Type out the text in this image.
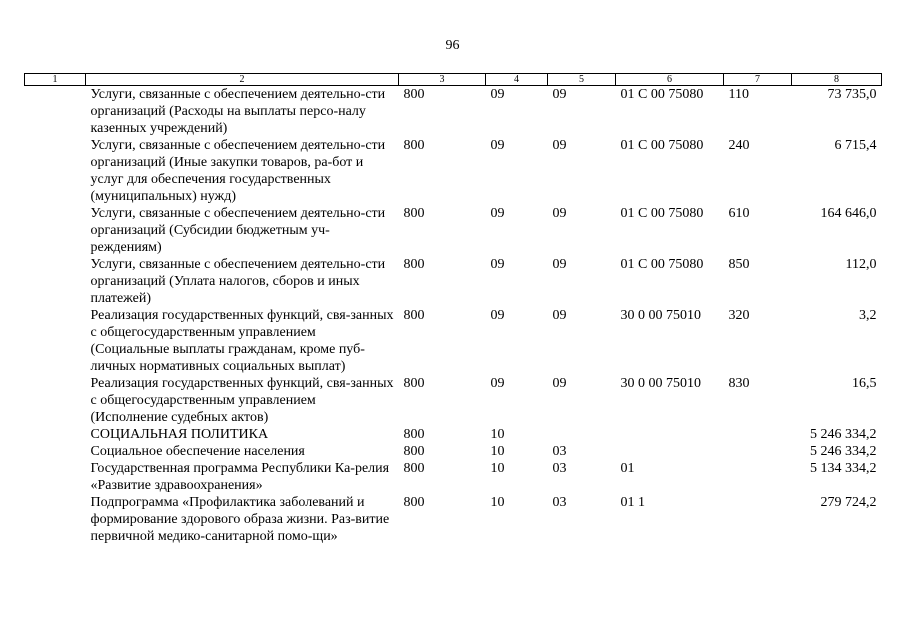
96
1	2	3	4	5	6	7	8
	Услуги, связанные с обеспечением деятельно-сти организаций (Расходы на выплаты персо-налу казенных учреждений)	800	09	09	01 С 00 75080	110	73 735,0
	Услуги, связанные с обеспечением деятельно-сти организаций (Иные закупки товаров, ра-бот и услуг для обеспечения государственных (муниципальных) нужд)	800	09	09	01 С 00 75080	240	6 715,4
	Услуги, связанные с обеспечением деятельно-сти организаций (Субсидии бюджетным уч-реждениям)	800	09	09	01 С 00 75080	610	164 646,0
	Услуги, связанные с обеспечением деятельно-сти организаций (Уплата налогов, сборов и иных платежей)	800	09	09	01 С 00 75080	850	112,0
	Реализация государственных функций, свя-занных с общегосударственным управлением (Социальные выплаты гражданам, кроме пуб-личных нормативных социальных выплат)	800	09	09	30 0 00 75010	320	3,2
	Реализация государственных функций, свя-занных с общегосударственным управлением (Исполнение судебных актов)	800	09	09	30 0 00 75010	830	16,5
	СОЦИАЛЬНАЯ ПОЛИТИКА	800	10				5 246 334,2
	Социальное обеспечение населения	800	10	03			5 246 334,2
	Государственная программа Республики Ка-релия «Развитие здравоохранения»	800	10	03	01		5 134 334,2
	Подпрограмма «Профилактика заболеваний и формирование здорового образа жизни. Раз-витие первичной медико-санитарной помо-щи»	800	10	03	01 1		279 724,2
